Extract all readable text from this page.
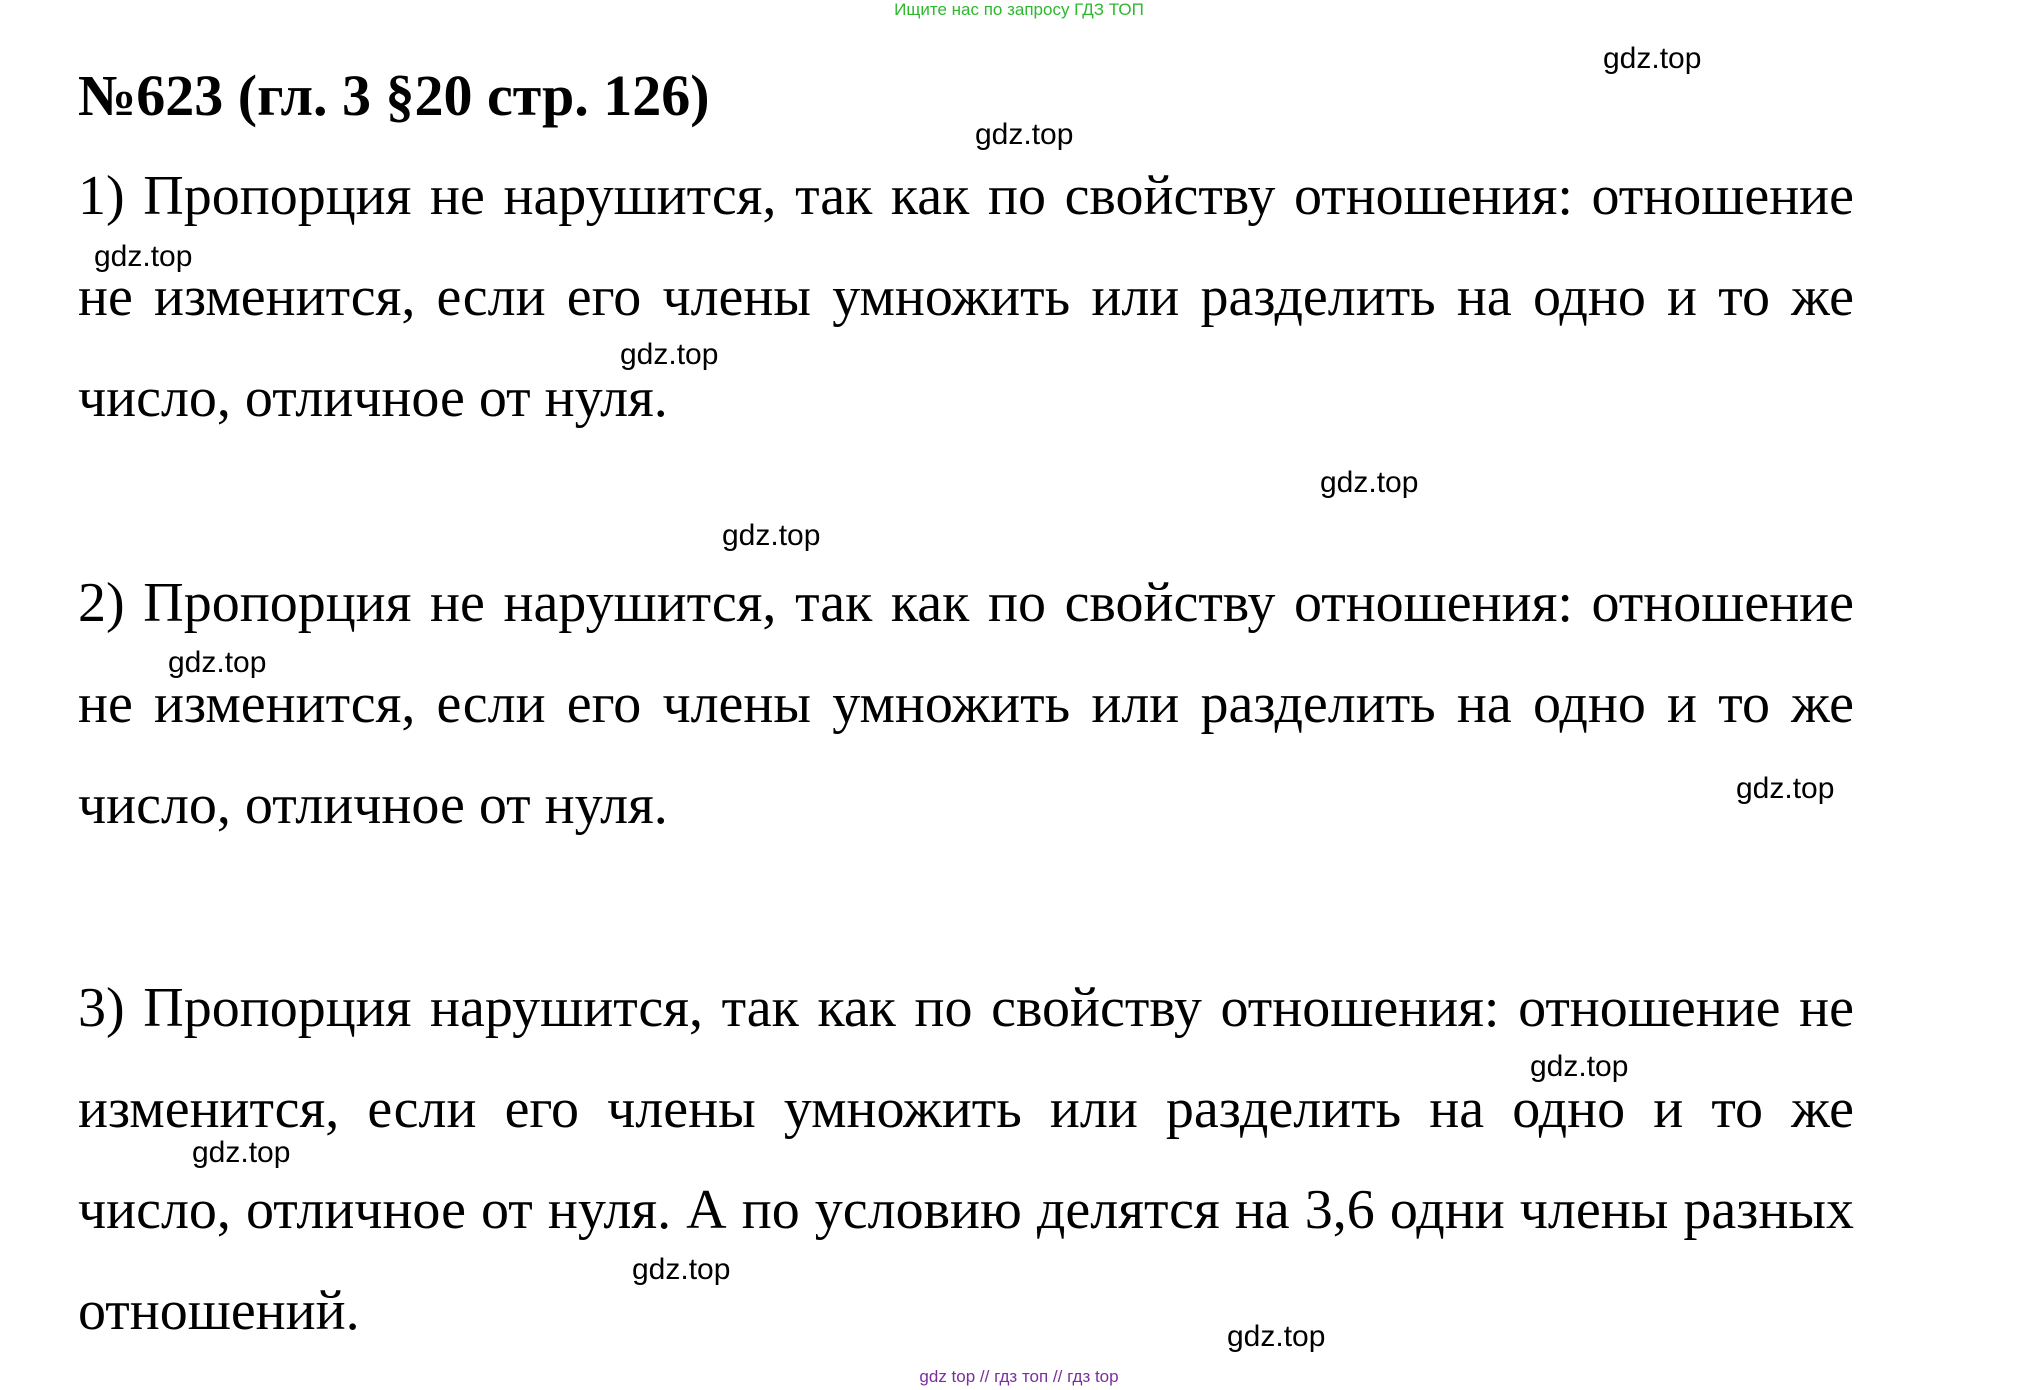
Ищите нас по запросу ГДЗ ТОП
№623 (гл. 3 §20 стр. 126)

1) Пропорция не нарушится, так как по свойству отношения: отношение не изменится, если его члены умножить или разделить на одно и то же число, отличное от нуля.

2) Пропорция не нарушится, так как по свойству отношения: отношение не изменится, если его члены умножить или разделить на одно и то же число, отличное от нуля.

3) Пропорция нарушится, так как по свойству отношения: отношение не изменится, если его члены умножить или разделить на одно и то же число, отличное от нуля. А по условию делятся на 3,6 одни члены разных отношений.

gdz.top
gdz.top
gdz.top
gdz.top
gdz.top
gdz.top
gdz.top
gdz.top
gdz.top
gdz.top
gdz.top
gdz.top
gdz top // гдз топ // гдз top
